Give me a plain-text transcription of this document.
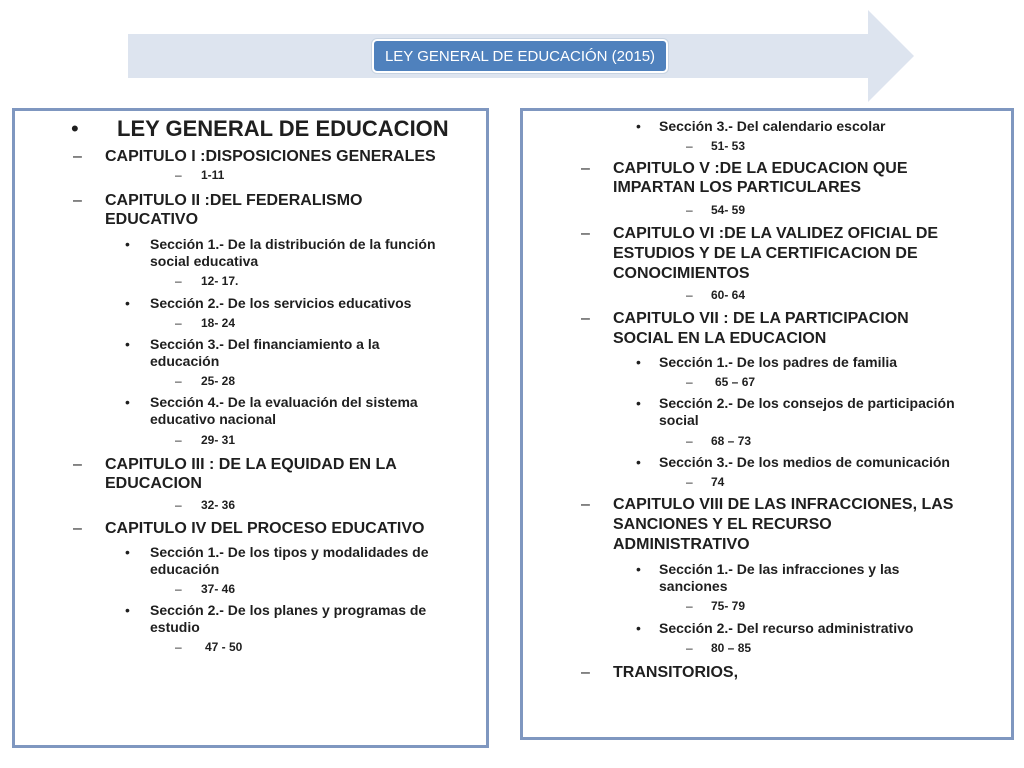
LEY GENERAL DE EDUCACIÓN (2015)
• LEY GENERAL DE EDUCACION
– CAPITULO I :DISPOSICIONES GENERALES
– 1-11
– CAPITULO II :DEL FEDERALISMO
EDUCATIVO
• Sección 1.- De la distribución de la función
social educativa
– 12- 17.
• Sección 2.- De los servicios educativos
– 18- 24
• Sección 3.- Del financiamiento a la
educación
– 25- 28
• Sección 4.- De la evaluación del sistema
educativo nacional
– 29- 31
– CAPITULO III : DE LA EQUIDAD EN LA
EDUCACION
– 32- 36
– CAPITULO IV DEL PROCESO EDUCATIVO
• Sección 1.- De los tipos y modalidades de
educación
– 37- 46
• Sección 2.- De los planes y programas de
estudio
– 47 - 50
• Sección 3.- Del calendario escolar
– 51- 53
– CAPITULO V :DE LA EDUCACION QUE
IMPARTAN LOS PARTICULARES
– 54- 59
– CAPITULO VI :DE LA VALIDEZ OFICIAL DE
ESTUDIOS Y DE LA CERTIFICACION DE
CONOCIMIENTOS
– 60- 64
– CAPITULO VII : DE LA PARTICIPACION
SOCIAL EN LA EDUCACION
• Sección 1.- De los padres de familia
– 65 – 67
• Sección 2.- De los consejos de participación
social
– 68 – 73
• Sección 3.- De los medios de comunicación
– 74
– CAPITULO VIII DE LAS INFRACCIONES, LAS
SANCIONES Y EL RECURSO
ADMINISTRATIVO
• Sección 1.- De las infracciones y las
sanciones
– 75- 79
• Sección 2.- Del recurso administrativo
– 80 – 85
– TRANSITORIOS,
